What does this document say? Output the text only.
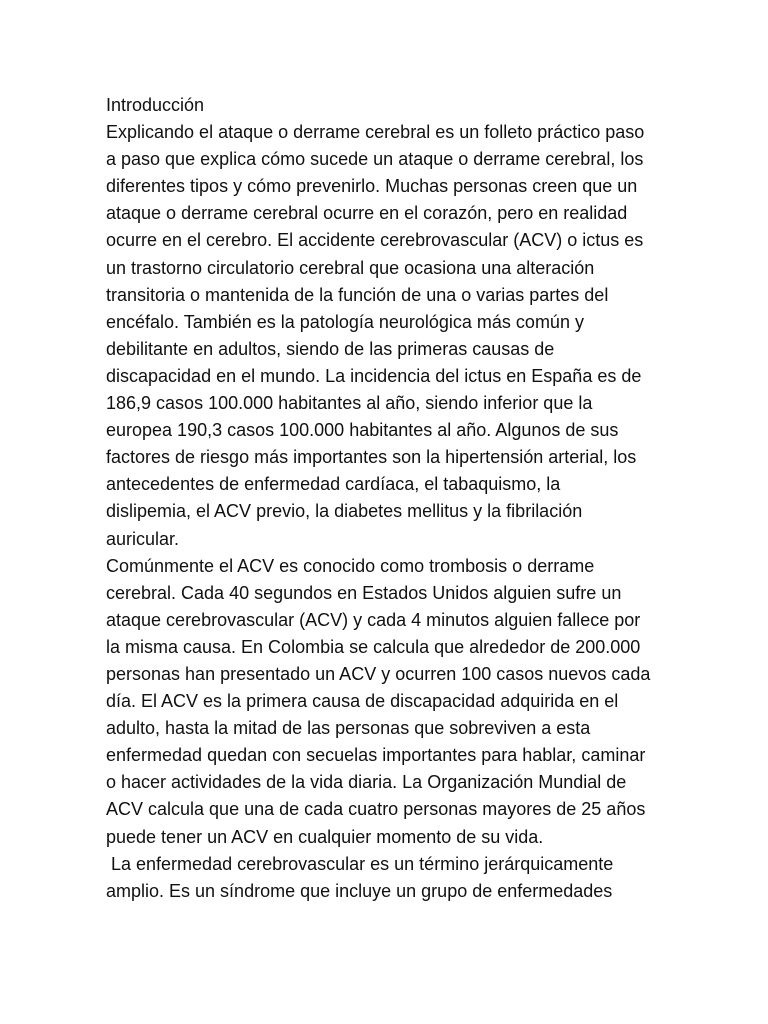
Introducción
Explicando el ataque o derrame cerebral es un folleto práctico paso
a paso que explica cómo sucede un ataque o derrame cerebral, los
diferentes tipos y cómo prevenirlo. Muchas personas creen que un
ataque o derrame cerebral ocurre en el corazón, pero en realidad
ocurre en el cerebro. El accidente cerebrovascular (ACV) o ictus es
un trastorno circulatorio cerebral que ocasiona una alteración
transitoria o mantenida de la función de una o varias partes del
encéfalo. También es la patología neurológica más común y
debilitante en adultos, siendo de las primeras causas de
discapacidad en el mundo. La incidencia del ictus en España es de
186,9 casos 100.000 habitantes al año, siendo inferior que la
europea 190,3 casos 100.000 habitantes al año. Algunos de sus
factores de riesgo más importantes son la hipertensión arterial, los
antecedentes de enfermedad cardíaca, el tabaquismo, la
dislipemia, el ACV previo, la diabetes mellitus y la fibrilación
auricular.
Comúnmente el ACV es conocido como trombosis o derrame
cerebral. Cada 40 segundos en Estados Unidos alguien sufre un
ataque cerebrovascular (ACV) y cada 4 minutos alguien fallece por
la misma causa. En Colombia se calcula que alrededor de 200.000
personas han presentado un ACV y ocurren 100 casos nuevos cada
día. El ACV es la primera causa de discapacidad adquirida en el
adulto, hasta la mitad de las personas que sobreviven a esta
enfermedad quedan con secuelas importantes para hablar, caminar
o hacer actividades de la vida diaria. La Organización Mundial de
ACV calcula que una de cada cuatro personas mayores de 25 años
puede tener un ACV en cualquier momento de su vida.
La enfermedad cerebrovascular es un término jerárquicamente
amplio. Es un síndrome que incluye un grupo de enfermedades
